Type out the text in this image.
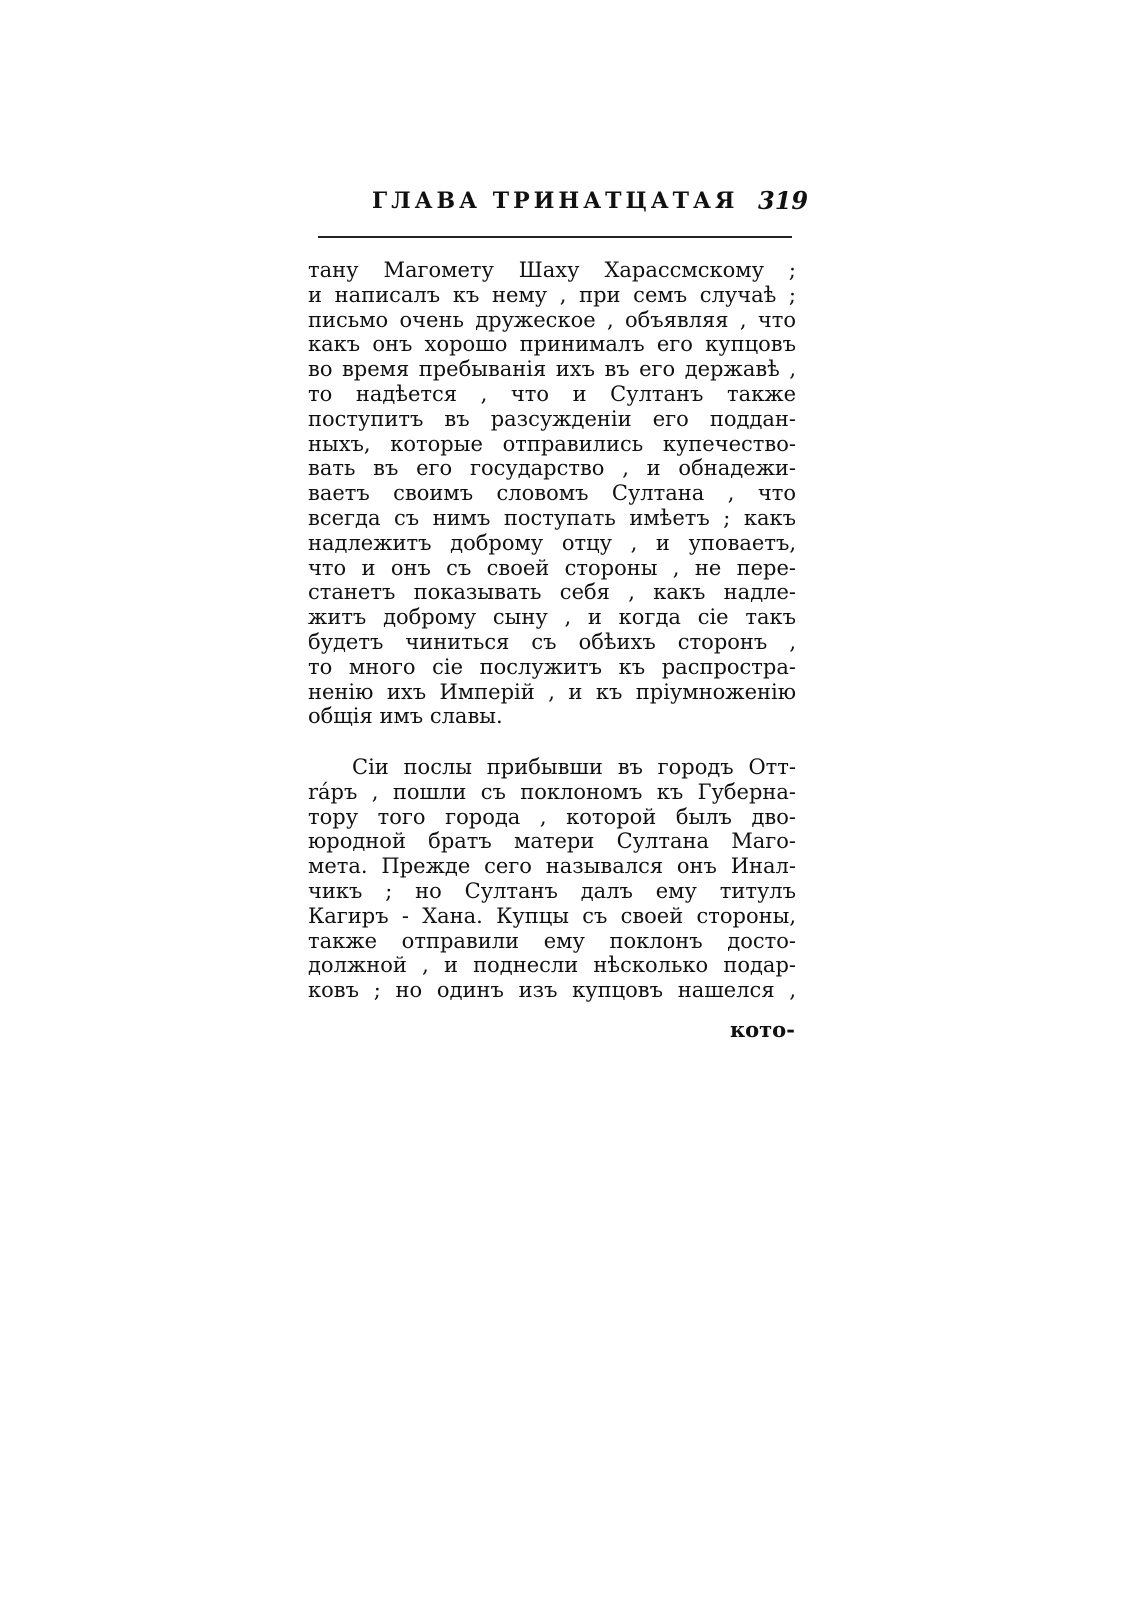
ГЛАВА ТРИНАТЦАТАЯ 319
тану Магомету Шаху Харассмскому ;
и написалъ къ нему , при семъ случаѣ ;
письмо очень дружеское , объявляя , что
какъ онъ хорошо принималъ его купцовъ
во время пребыванія ихъ въ его державѣ ,
то надѣется , что и Султанъ также
поступитъ въ разсужденіи его поддан-
ныхъ, которые отправились купечество-
вать въ его государство , и обнадежи-
ваетъ своимъ словомъ Султана , что
всегда съ нимъ поступать имѣетъ ; какъ
надлежитъ доброму отцу , и уповаетъ,
что и онъ съ своей стороны , не пере-
станетъ показывать себя , какъ надле-
житъ доброму сыну , и когда сіе такъ
будетъ чиниться съ обѣихъ сторонъ ,
то много сіе послужитъ къ распростра-
ненію ихъ Имперій , и къ пріумноженію
общія имъ славы.
Сіи послы прибывши въ городъ Отт-
ráръ , пошли съ поклономъ къ Губерна-
тору того города , которой былъ дво-
юродной братъ матери Султана Маго-
мета. Прежде сего назывался онъ Инал-
чикъ ; но Султанъ далъ ему титулъ
Кагиръ - Хана. Купцы съ своей стороны,
также отправили ему поклонъ досто-
должной , и поднесли нѣсколько подар-
ковъ ; но одинъ изъ купцовъ нашелся ,
кото-
